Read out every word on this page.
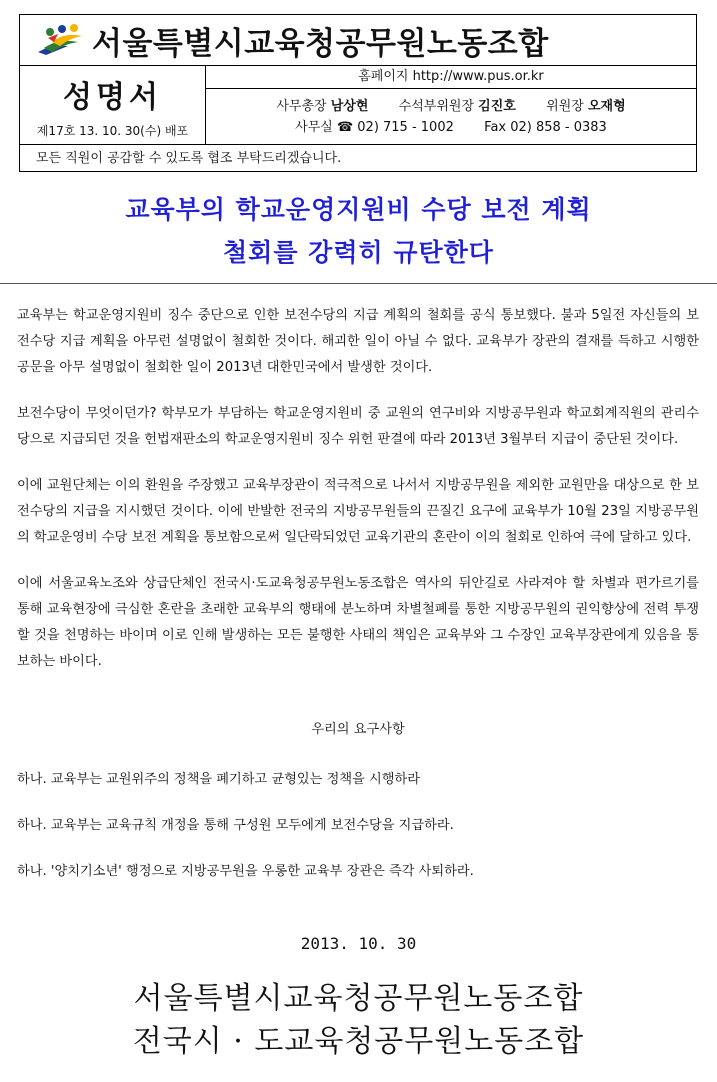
서울특별시교육청공무원노동조합
성명서
제17호 13. 10. 30(수) 배포
홈페이지 http://www.pus.or.kr
사무총장 남상현 수석부위원장 김진호 위원장 오재형
사무실 ☎ 02) 715 - 1002 Fax 02) 858 - 0383
모든 직원이 공감할 수 있도록 협조 부탁드리겠습니다.
교육부의 학교운영지원비 수당 보전 계획
철회를 강력히 규탄한다

교육부는 학교운영지원비 징수 중단으로 인한 보전수당의 지급 계획의 철회를 공식 통보했다. 불과 5일전 자신들의 보전수당 지급 계획을 아무런 설명없이 철회한 것이다. 해괴한 일이 아닐 수 없다. 교육부가 장관의 결재를 득하고 시행한 공문을 아무 설명없이 철회한 일이 2013년 대한민국에서 발생한 것이다.

보전수당이 무엇이던가? 학부모가 부담하는 학교운영지원비 중 교원의 연구비와 지방공무원과 학교회계직원의 관리수당으로 지급되던 것을 헌법재판소의 학교운영지원비 징수 위헌 판결에 따라 2013년 3월부터 지급이 중단된 것이다.

이에 교원단체는 이의 환원을 주장했고 교육부장관이 적극적으로 나서서 지방공무원을 제외한 교원만을 대상으로 한 보전수당의 지급을 지시했던 것이다. 이에 반발한 전국의 지방공무원들의 끈질긴 요구에 교육부가 10월 23일 지방공무원의 학교운영비 수당 보전 계획을 통보함으로써 일단락되었던 교육기관의 혼란이 이의 철회로 인하여 극에 달하고 있다.

이에 서울교육노조와 상급단체인 전국시·도교육청공무원노동조합은 역사의 뒤안길로 사라져야 할 차별과 편가르기를 통해 교육현장에 극심한 혼란을 초래한 교육부의 행태에 분노하며 차별철폐를 통한 지방공무원의 권익향상에 전력 투쟁할 것을 천명하는 바이며 이로 인해 발생하는 모든 불행한 사태의 책임은 교육부와 그 수장인 교육부장관에게 있음을 통보하는 바이다.

우리의 요구사항

하나. 교육부는 교원위주의 정책을 폐기하고 균형있는 정책을 시행하라

하나. 교육부는 교육규칙 개정을 통해 구성원 모두에게 보전수당을 지급하라.

하나. '양치기소년' 행정으로 지방공무원을 우롱한 교육부 장관은 즉각 사퇴하라.

2013. 10. 30
서울특별시교육청공무원노동조합
전국시 · 도교육청공무원노동조합
